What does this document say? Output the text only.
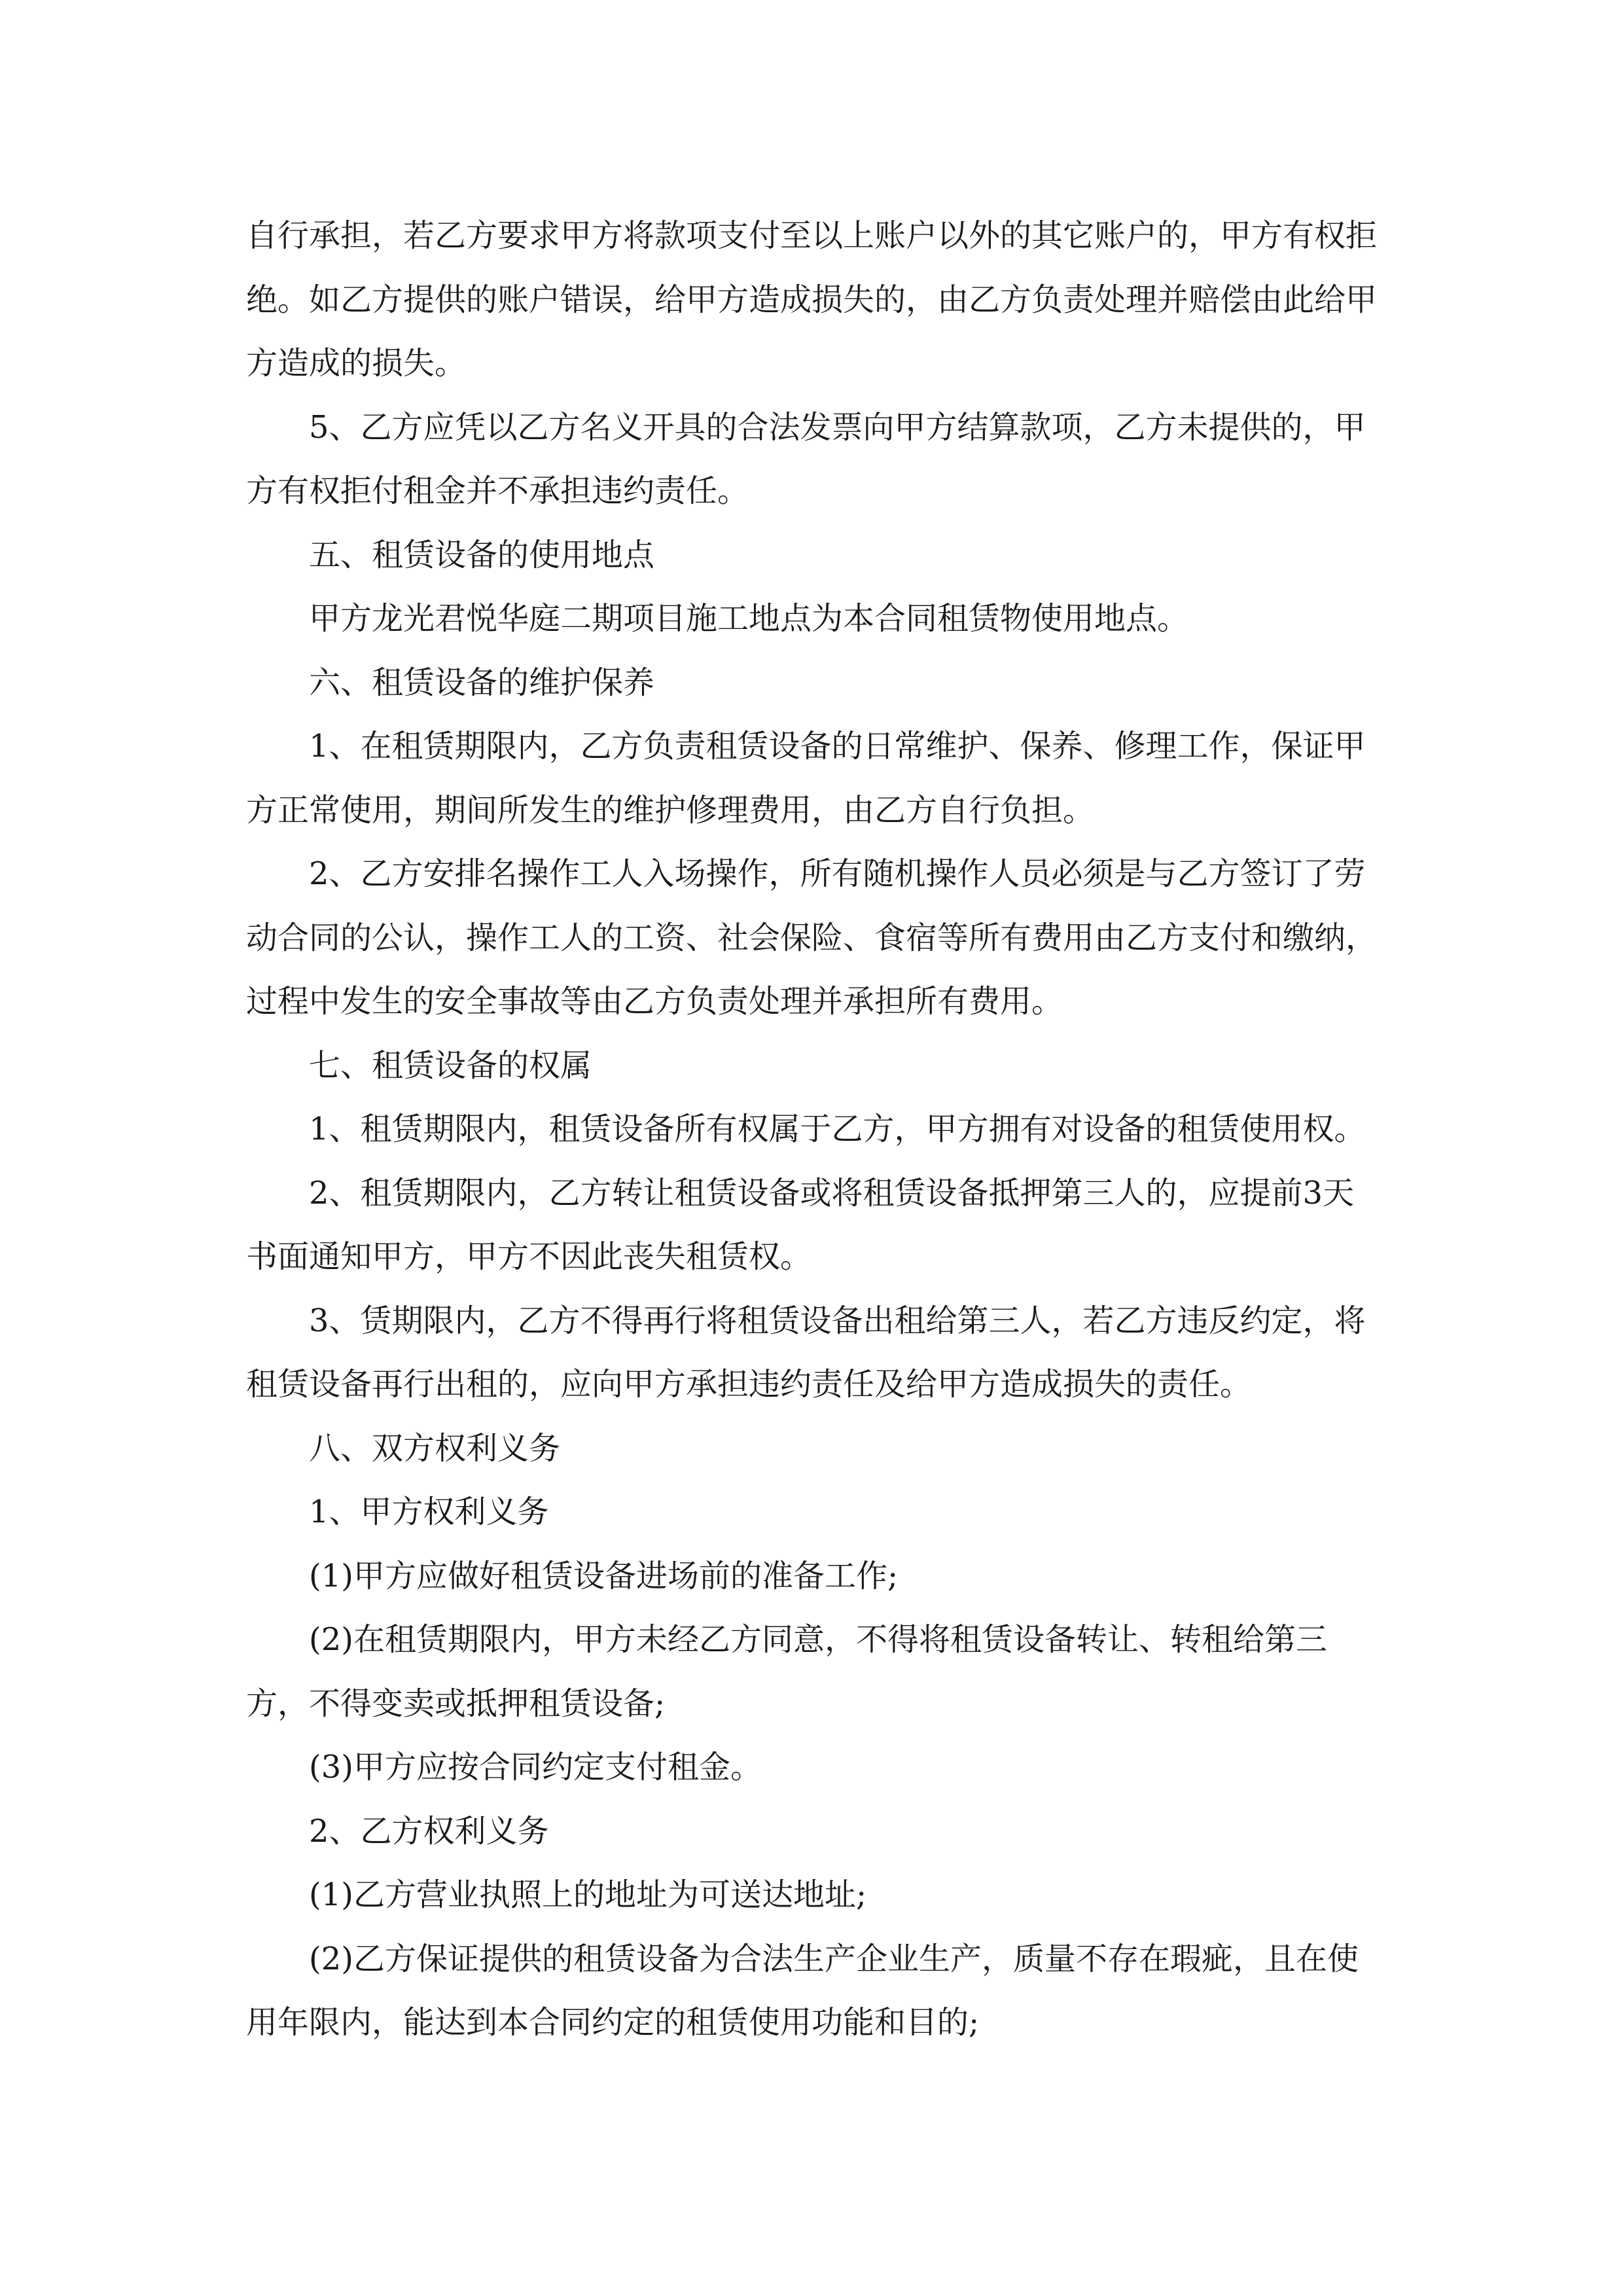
自行承担，若乙方要求甲方将款项支付至以上账户以外的其它账户的，甲方有权拒绝。如乙方提供的账户错误，给甲方造成损失的，由乙方负责处理并赔偿由此给甲方造成的损失。

5、乙方应凭以乙方名义开具的合法发票向甲方结算款项，乙方未提供的，甲方有权拒付租金并不承担违约责任。

五、租赁设备的使用地点

甲方龙光君悦华庭二期项目施工地点为本合同租赁物使用地点。

六、租赁设备的维护保养

1、在租赁期限内，乙方负责租赁设备的日常维护、保养、修理工作，保证甲方正常使用，期间所发生的维护修理费用，由乙方自行负担。

2、乙方安排名操作工人入场操作，所有随机操作人员必须是与乙方签订了劳动合同的公认，操作工人的工资、社会保险、食宿等所有费用由乙方支付和缴纳，过程中发生的安全事故等由乙方负责处理并承担所有费用。

七、租赁设备的权属

1、租赁期限内，租赁设备所有权属于乙方，甲方拥有对设备的租赁使用权。

2、租赁期限内，乙方转让租赁设备或将租赁设备抵押第三人的，应提前3天书面通知甲方，甲方不因此丧失租赁权。

3、赁期限内，乙方不得再行将租赁设备出租给第三人，若乙方违反约定，将租赁设备再行出租的，应向甲方承担违约责任及给甲方造成损失的责任。

八、双方权利义务

1、甲方权利义务

(1)甲方应做好租赁设备进场前的准备工作;

(2)在租赁期限内，甲方未经乙方同意，不得将租赁设备转让、转租给第三方，不得变卖或抵押租赁设备;

(3)甲方应按合同约定支付租金。

2、乙方权利义务

(1)乙方营业执照上的地址为可送达地址;

(2)乙方保证提供的租赁设备为合法生产企业生产，质量不存在瑕疵，且在使用年限内，能达到本合同约定的租赁使用功能和目的;
